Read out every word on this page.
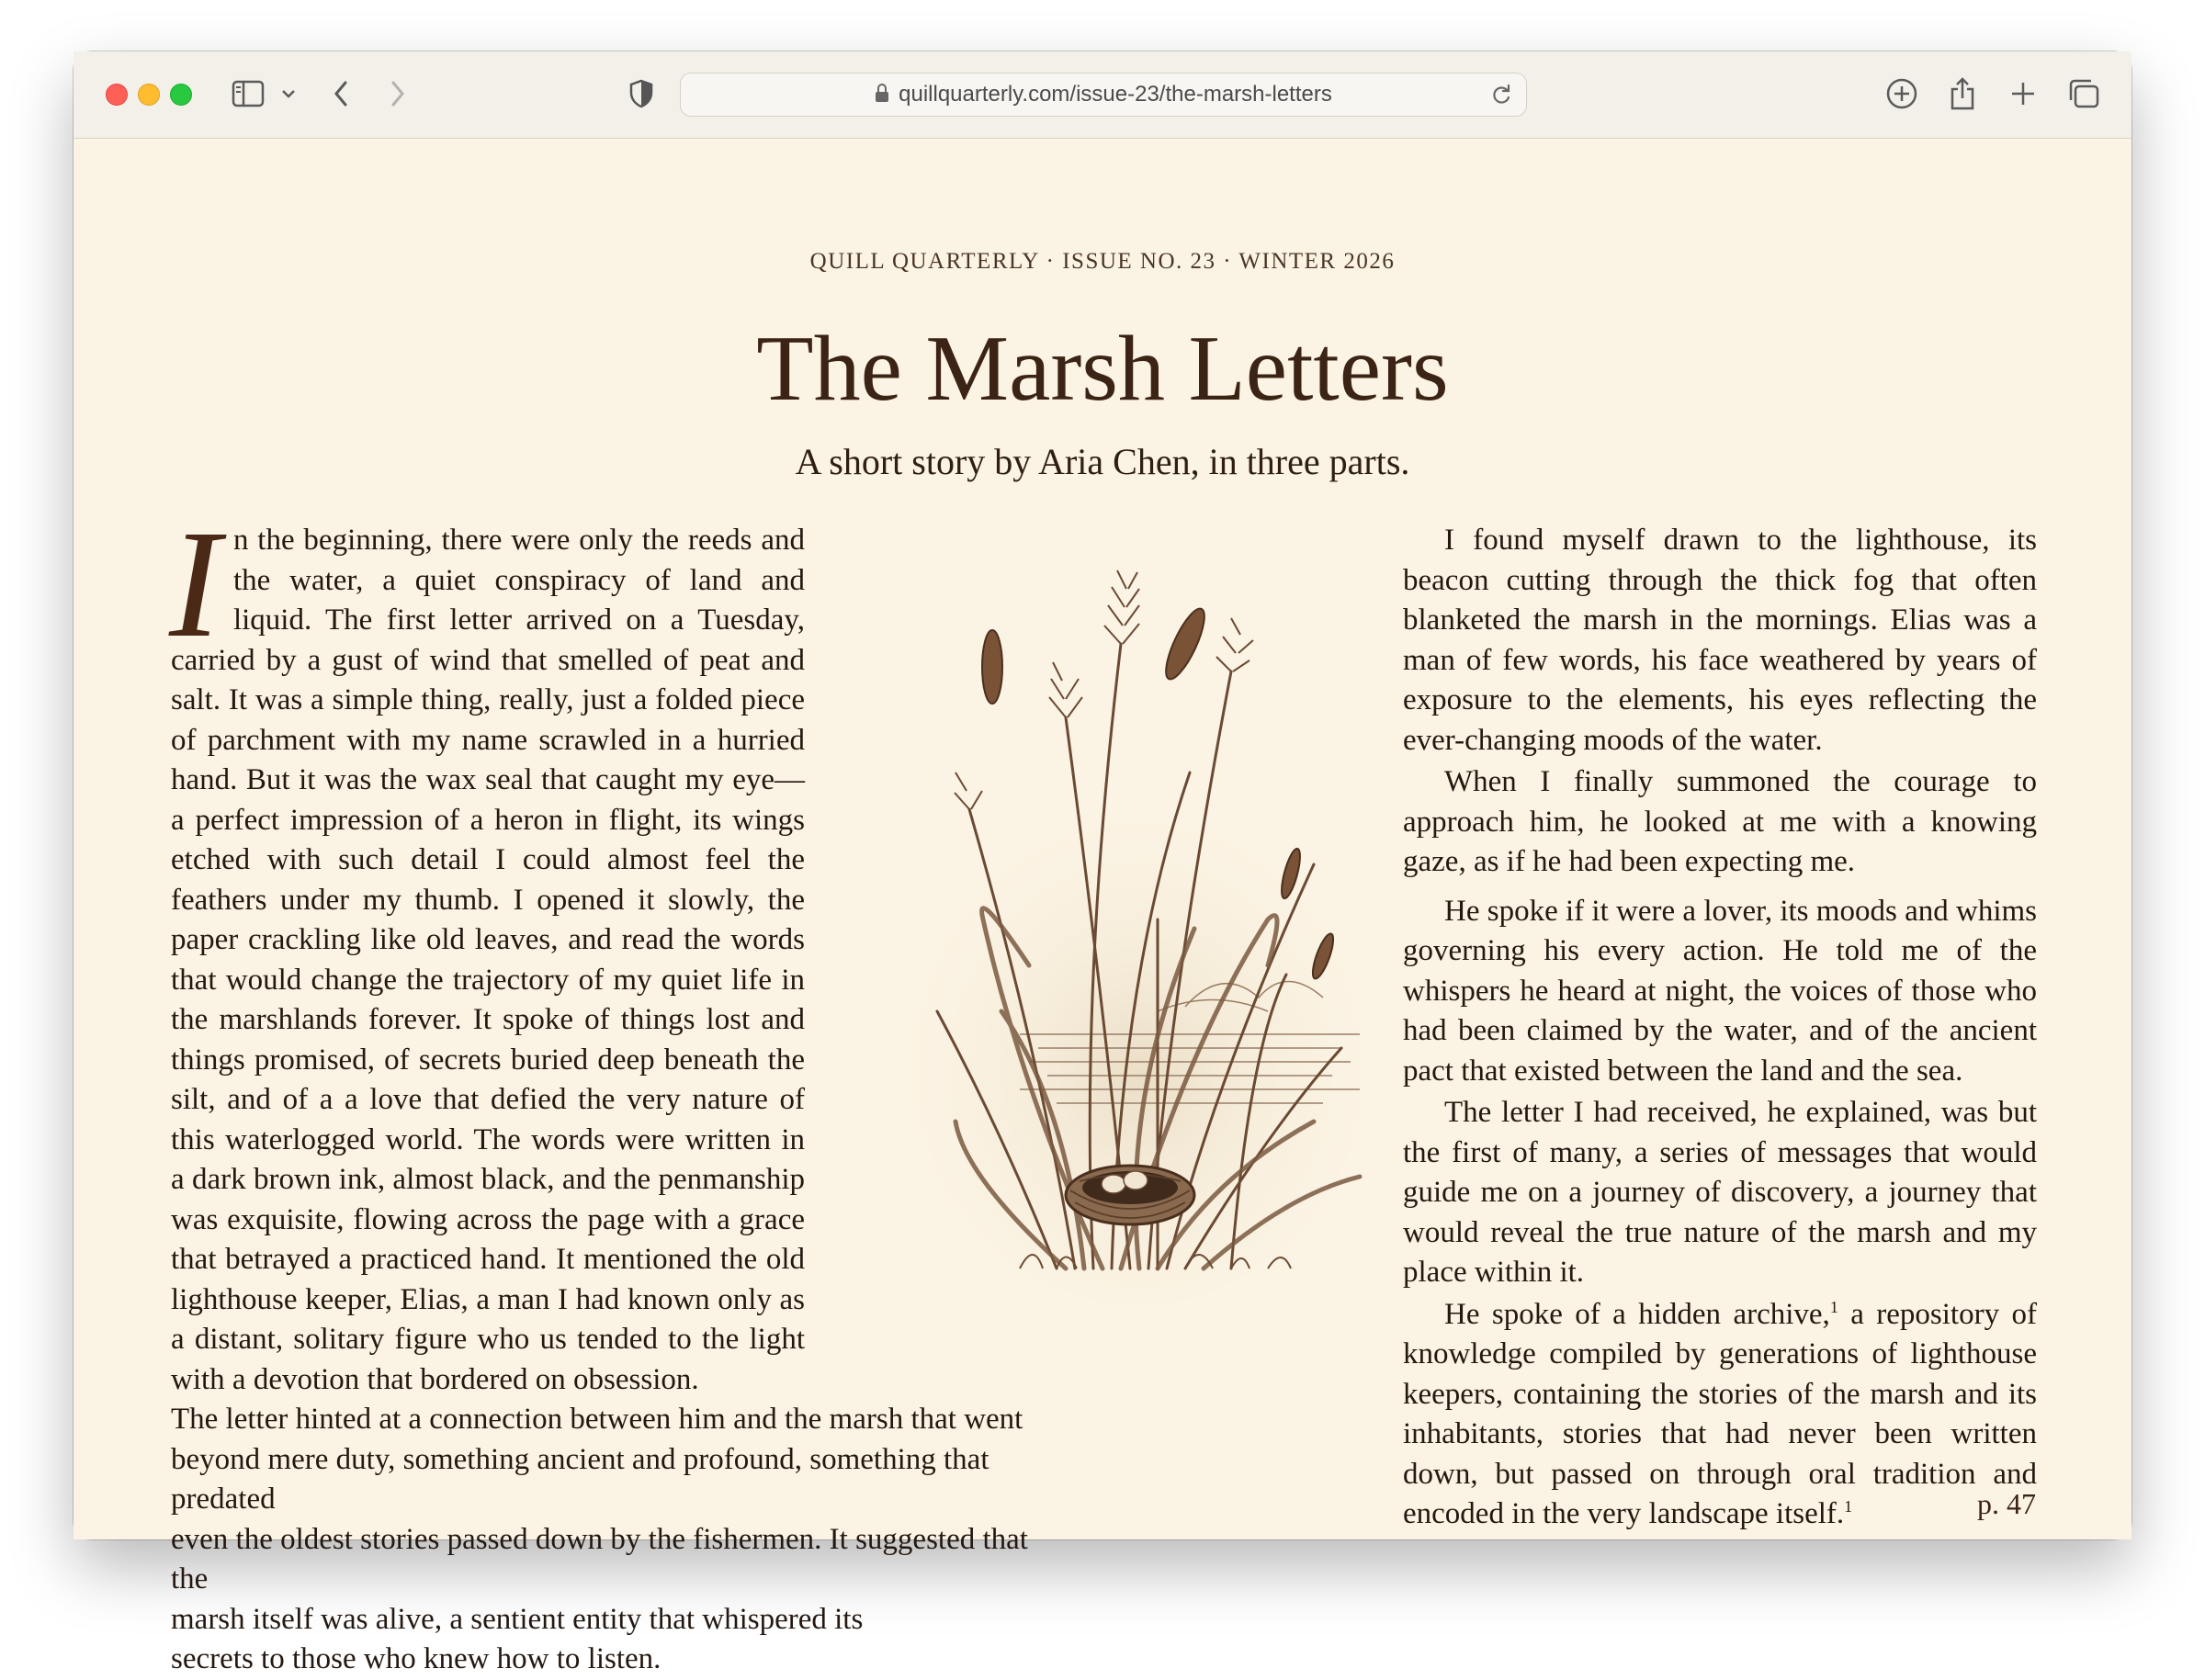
quillquarterly.com/issue-23/the-marsh-letters
QUILL QUARTERLY · ISSUE NO. 23 · WINTER 2026
The Marsh Letters
A short story by Aria Chen, in three parts.

In the beginning, there were only the reeds and the water, a quiet conspiracy of land and liquid. The first letter arrived on a Tuesday, carried by a gust of wind that smelled of peat and salt. It was a simple thing, really, just a folded piece of parchment with my name scrawled in a hurried hand. But it was the wax seal that caught my eye—a perfect impression of a heron in flight, its wings etched with such detail I could almost feel the feathers under my thumb. I opened it slowly, the paper crackling like old leaves, and read the words that would change the trajectory of my quiet life in the marshlands forever. It spoke of things lost and things promised, of secrets buried deep beneath the silt, and of a a love that defied the very nature of this waterlogged world. The words were written in a dark brown ink, almost black, and the penmanship was exquisite, flowing across the page with a grace that betrayed a practiced hand. It mentioned the old lighthouse keeper, Elias, a man I had known only as a distant, solitary figure who us tended to the light with a devotion that bordered on obsession.

The letter hinted at a connection between him and the marsh that went
beyond mere duty, something ancient and profound, something that predated
even the oldest stories passed down by the fishermen. It suggested that the
marsh itself was alive, a sentient entity that whispered its
secrets to those who knew how to listen.

I found myself drawn to the lighthouse, its beacon cutting through the thick fog that often blanketed the marsh in the mornings. Elias was a man of few words, his face weathered by years of exposure to the elements, his eyes reflecting the ever-changing moods of the water.

When I finally summoned the courage to approach him, he looked at me with a knowing gaze, as if he had been expecting me.

He spoke if it were a lover, its moods and whims governing his every action. He told me of the whispers he heard at night, the voices of those who had been claimed by the water, and of the ancient pact that existed between the land and the sea.

The letter I had received, he explained, was but the first of many, a series of messages that would guide me on a journey of discovery, a journey that would reveal the true nature of the marsh and my place within it.

He spoke of a hidden archive,$^1$ a repository of knowledge compiled by generations of lighthouse keepers, containing the stories of the marsh and its inhabitants, stories that had never been written down, but passed on through oral tradition and encoded in the very landscape itself.$^1$	p. 47
